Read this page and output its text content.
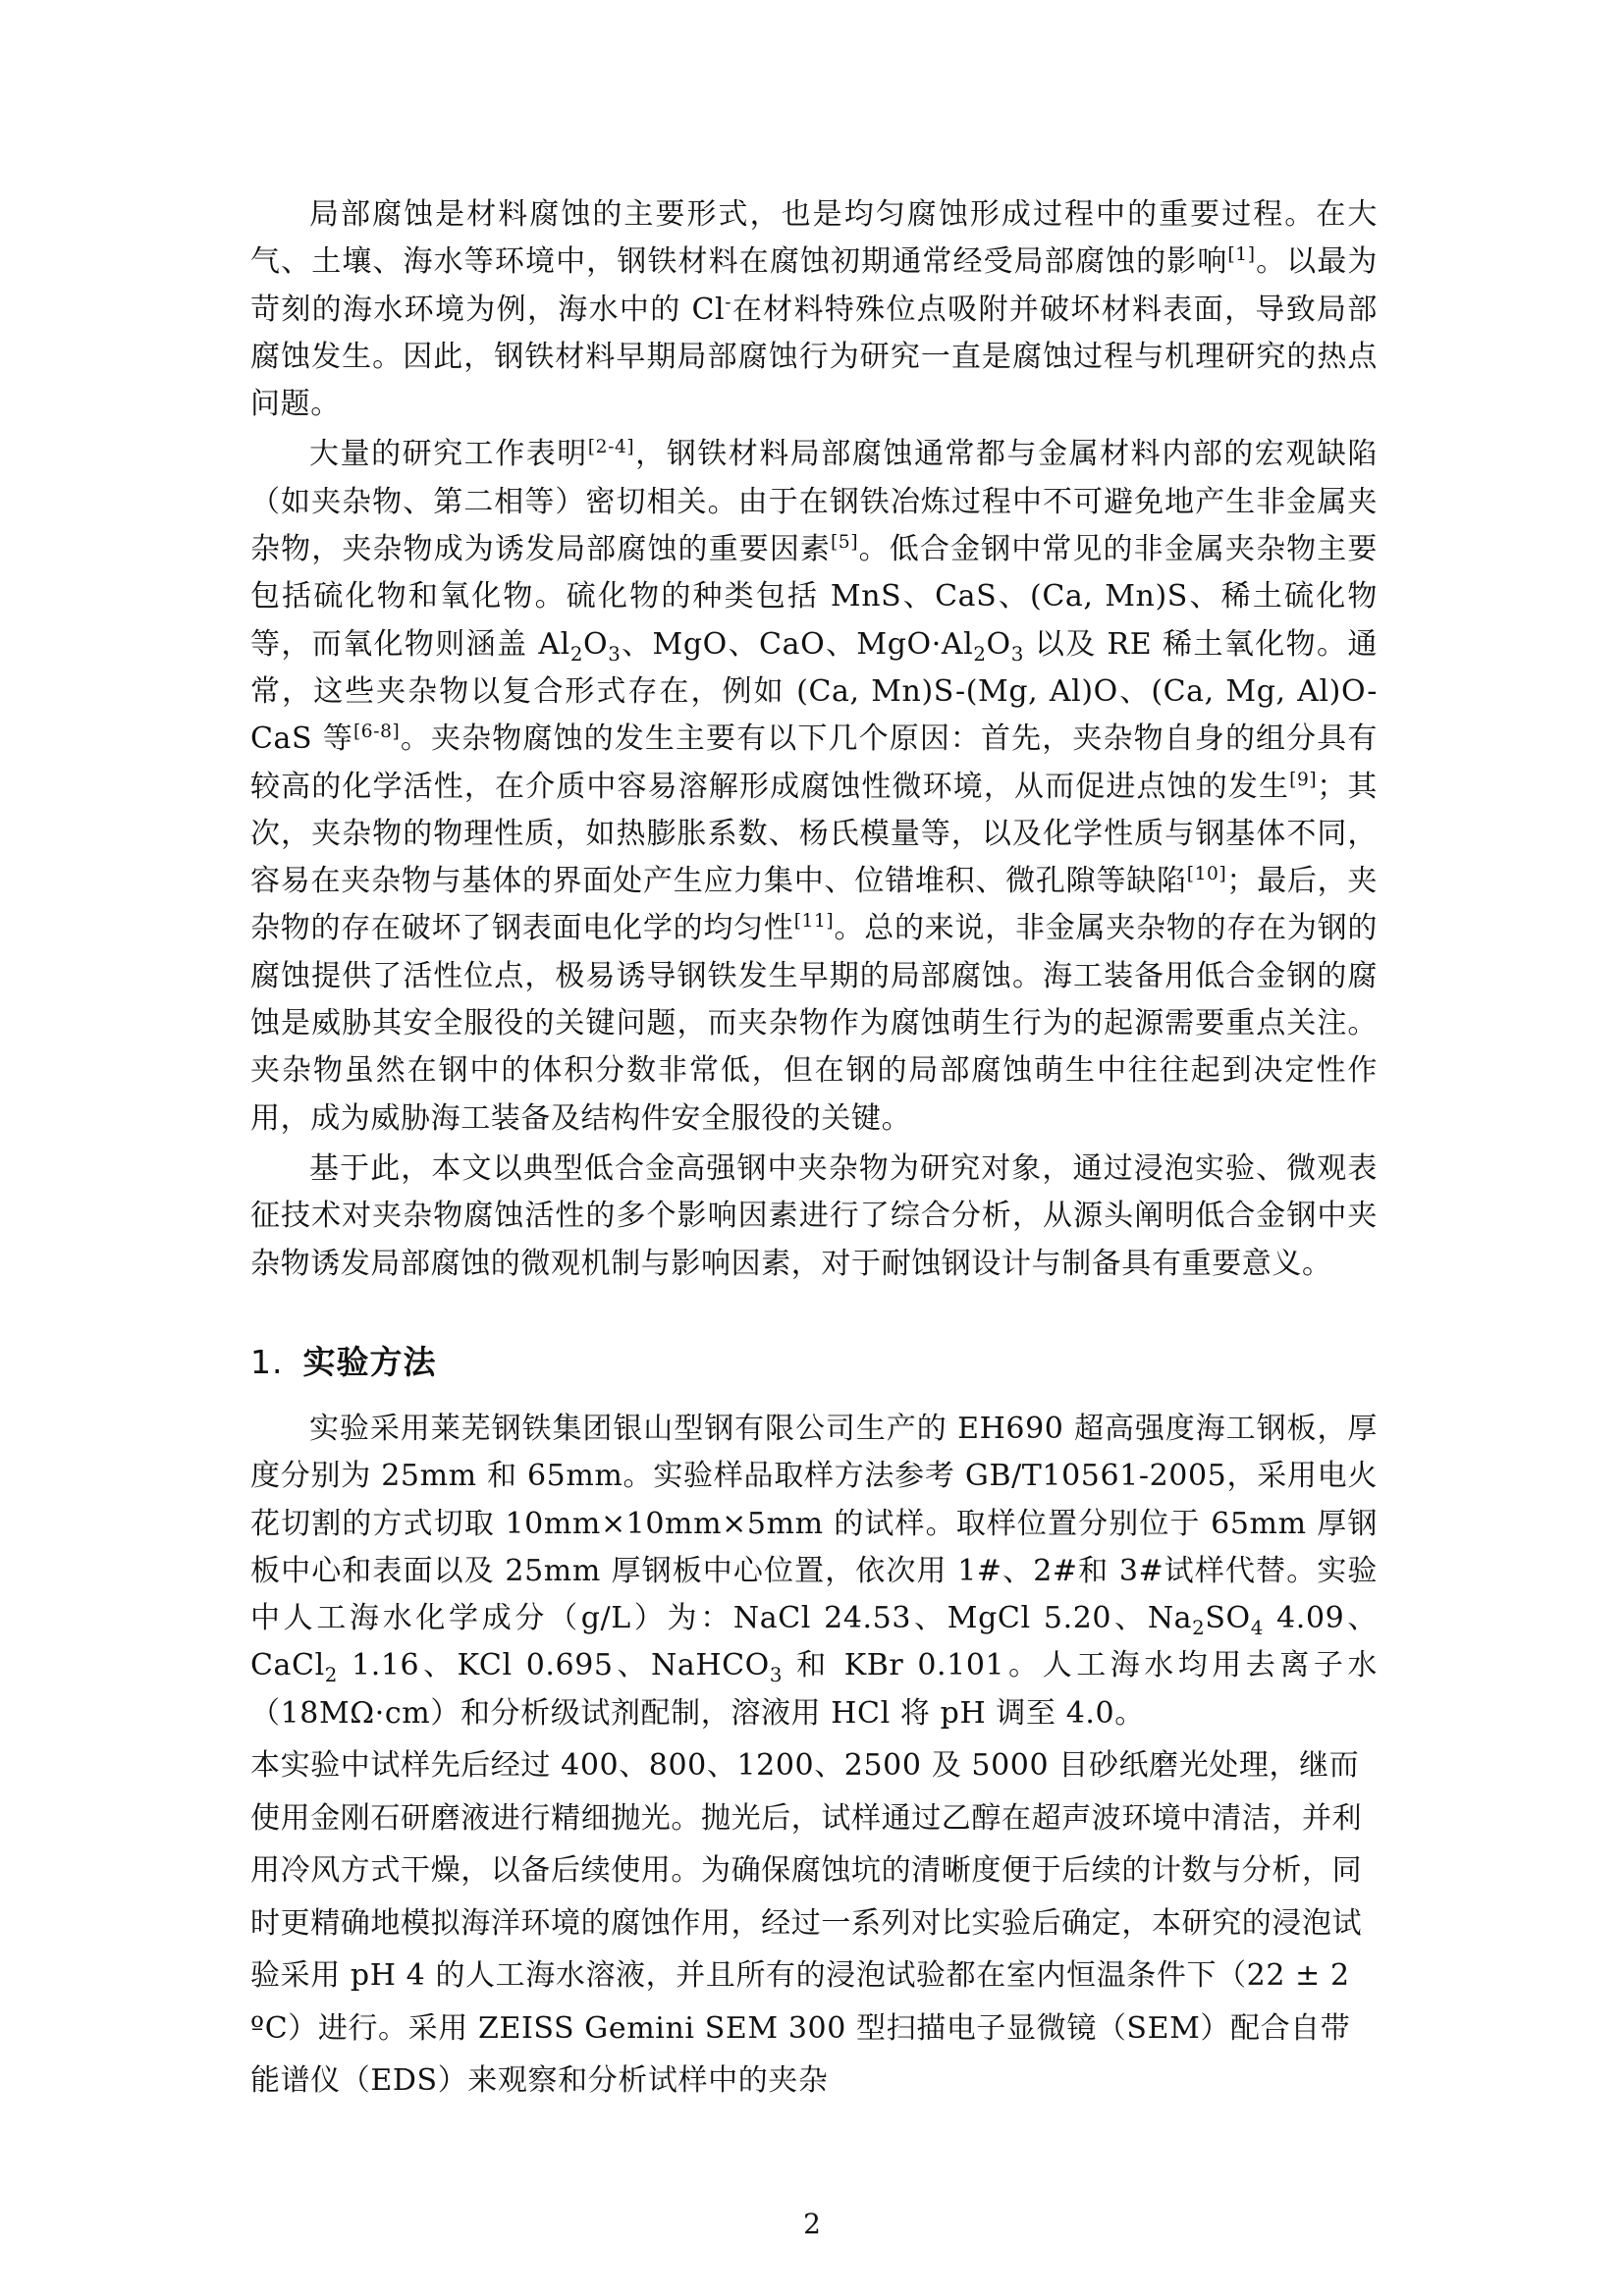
局部腐蚀是材料腐蚀的主要形式，也是均匀腐蚀形成过程中的重要过程。在大气、土壤、海水等环境中，钢铁材料在腐蚀初期通常经受局部腐蚀的影响[1]。以最为苛刻的海水环境为例，海水中的 Cl-在材料特殊位点吸附并破坏材料表面，导致局部腐蚀发生。因此，钢铁材料早期局部腐蚀行为研究一直是腐蚀过程与机理研究的热点问题。

大量的研究工作表明[2-4]，钢铁材料局部腐蚀通常都与金属材料内部的宏观缺陷（如夹杂物、第二相等）密切相关。由于在钢铁冶炼过程中不可避免地产生非金属夹杂物，夹杂物成为诱发局部腐蚀的重要因素[5]。低合金钢中常见的非金属夹杂物主要包括硫化物和氧化物。硫化物的种类包括 MnS、CaS、(Ca, Mn)S、稀土硫化物等，而氧化物则涵盖 $Al_2O_3$、MgO、CaO、$MgO\cdot Al_2O_3$ 以及 RE 稀土氧化物。通常，这些夹杂物以复合形式存在，例如 (Ca, Mn)S-(Mg, Al)O、(Ca, Mg, Al)O-CaS 等[6-8]。夹杂物腐蚀的发生主要有以下几个原因：首先，夹杂物自身的组分具有较高的化学活性，在介质中容易溶解形成腐蚀性微环境，从而促进点蚀的发生[9]；其次，夹杂物的物理性质，如热膨胀系数、杨氏模量等，以及化学性质与钢基体不同，容易在夹杂物与基体的界面处产生应力集中、位错堆积、微孔隙等缺陷[10]；最后，夹杂物的存在破坏了钢表面电化学的均匀性[11]。总的来说，非金属夹杂物的存在为钢的腐蚀提供了活性位点，极易诱导钢铁发生早期的局部腐蚀。海工装备用低合金钢的腐蚀是威胁其安全服役的关键问题，而夹杂物作为腐蚀萌生行为的起源需要重点关注。夹杂物虽然在钢中的体积分数非常低，但在钢的局部腐蚀萌生中往往起到决定性作用，成为威胁海工装备及结构件安全服役的关键。

基于此，本文以典型低合金高强钢中夹杂物为研究对象，通过浸泡实验、微观表征技术对夹杂物腐蚀活性的多个影响因素进行了综合分析，从源头阐明低合金钢中夹杂物诱发局部腐蚀的微观机制与影响因素，对于耐蚀钢设计与制备具有重要意义。

1. 实验方法

实验采用莱芜钢铁集团银山型钢有限公司生产的 EH690 超高强度海工钢板，厚度分别为 25mm 和 65mm。实验样品取样方法参考 GB/T10561-2005，采用电火花切割的方式切取 10mm×10mm×5mm 的试样。取样位置分别位于 65mm 厚钢板中心和表面以及 25mm 厚钢板中心位置，依次用 1#、2#和 3#试样代替。实验中人工海水化学成分（g/L）为：NaCl 24.53、MgCl 5.20、$Na_2SO_4$ 4.09、CaCl$_2$ 1.16、KCl 0.695、NaHCO$_3$ 和 KBr 0.101。人工海水均用去离子水（18MΩ·cm）和分析级试剂配制，溶液用 HCl 将 pH 调至 4.0。

本实验中试样先后经过 400、800、1200、2500 及 5000 目砂纸磨光处理，继而使用金刚石研磨液进行精细抛光。抛光后，试样通过乙醇在超声波环境中清洁，并利用冷风方式干燥，以备后续使用。为确保腐蚀坑的清晰度便于后续的计数与分析，同时更精确地模拟海洋环境的腐蚀作用，经过一系列对比实验后确定，本研究的浸泡试验采用 pH 4 的人工海水溶液，并且所有的浸泡试验都在室内恒温条件下（22 ± 2 ºC）进行。采用 ZEISS Gemini SEM 300 型扫描电子显微镜（SEM）配合自带能谱仪（EDS）来观察和分析试样中的夹杂

2
